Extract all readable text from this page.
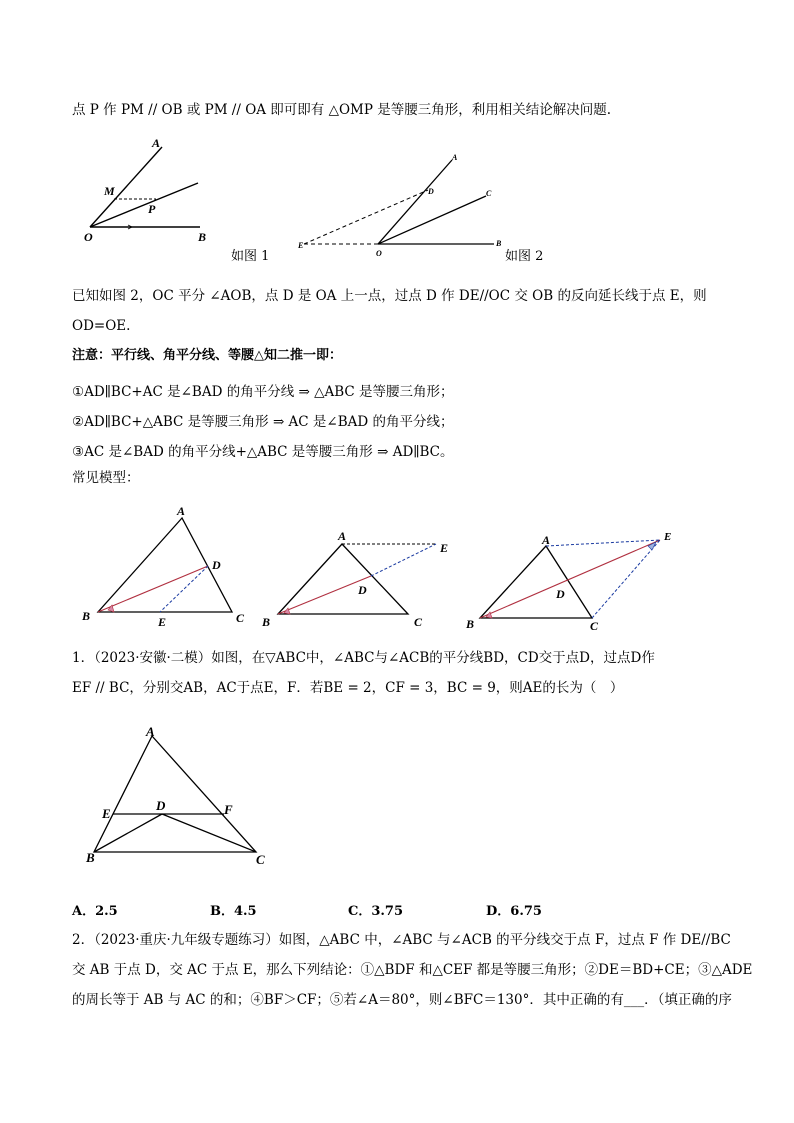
点 P 作 PM // OB 或 PM // OA 即可即有 △OMP 是等腰三角形，利用相关结论解决问题.
A
M
P
O	B
如图 1
A
D	C
E
O
B
如图 2
已知如图 2，OC 平分 ∠AOB，点 D 是 OA 上一点，过点 D 作 DE//OC 交 OB 的反向延长线于点 E，则
OD=OE.
注意：平行线、角平分线、等腰△知二推一即：
①AD∥BC+AC 是∠BAD 的角平分线 ⇒ △ABC 是等腰三角形；
②AD∥BC+△ABC 是等腰三角形 ⇒ AC 是∠BAD 的角平分线；
③AC 是∠BAD 的角平分线+△ABC 是等腰三角形 ⇒ AD∥BC。
常见模型：
A
D
B	E	C
A
E
D
B	C
A	E
D
B	C
1．（2023·安徽·二模）如图，在▽ABC中，∠ABC与∠ACB的平分线BD，CD交于点D，过点D作
EF // BC，分别交AB，AC于点E，F．若BE = 2，CF = 3，BC = 9，则AE的长为（　）
A
E
D	F
B	C
A．2.5	B．4.5	C．3.75	D．6.75
2．（2023·重庆·九年级专题练习）如图，△ABC 中，∠ABC 与∠ACB 的平分线交于点 F，过点 F 作 DE//BC
交 AB 于点 D，交 AC 于点 E，那么下列结论：①△BDF 和△CEF 都是等腰三角形；②DE＝BD+CE；③△ADE
的周长等于 AB 与 AC 的和；④BF＞CF；⑤若∠A＝80°，则∠BFC＝130°．其中正确的有___．（填正确的序
